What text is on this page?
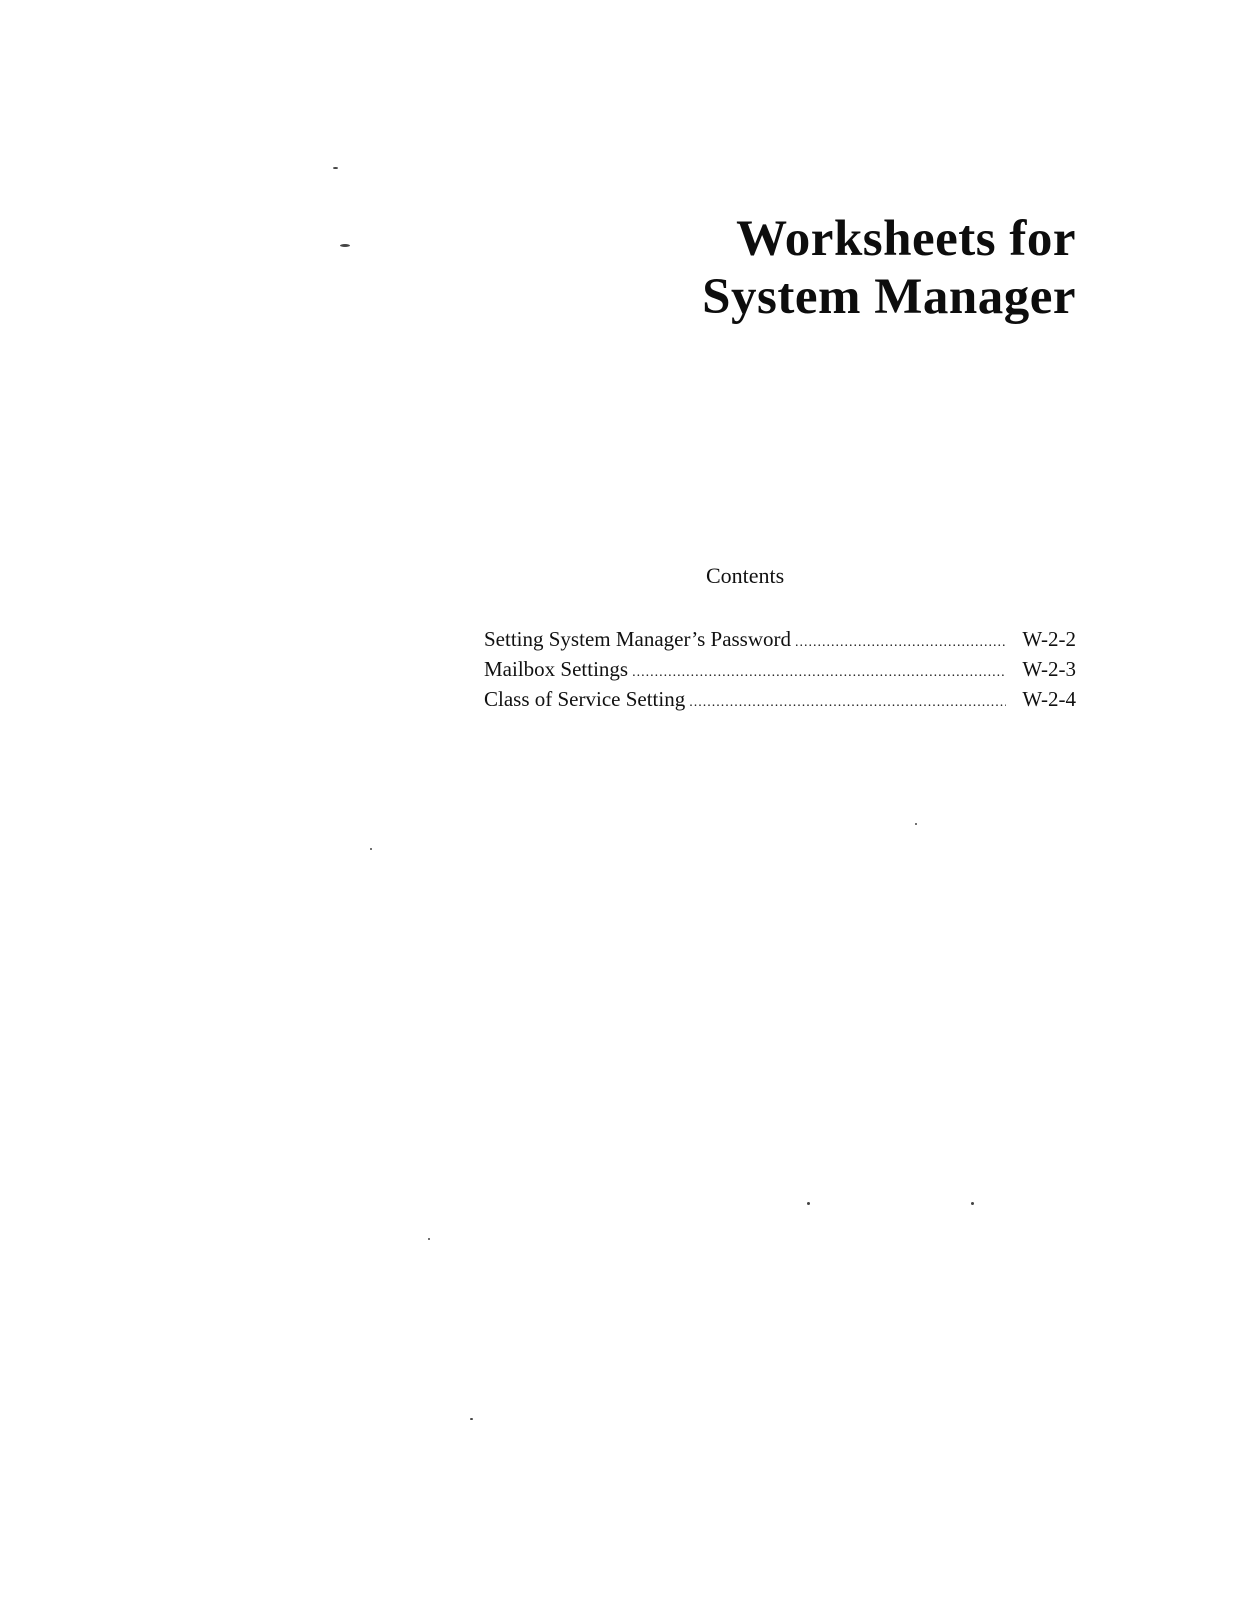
Worksheets for
System Manager
Contents
Setting System Manager’s Password .....	W-2-2
Mailbox Settings .....	W-2-3
Class of Service Setting .....	W-2-4
